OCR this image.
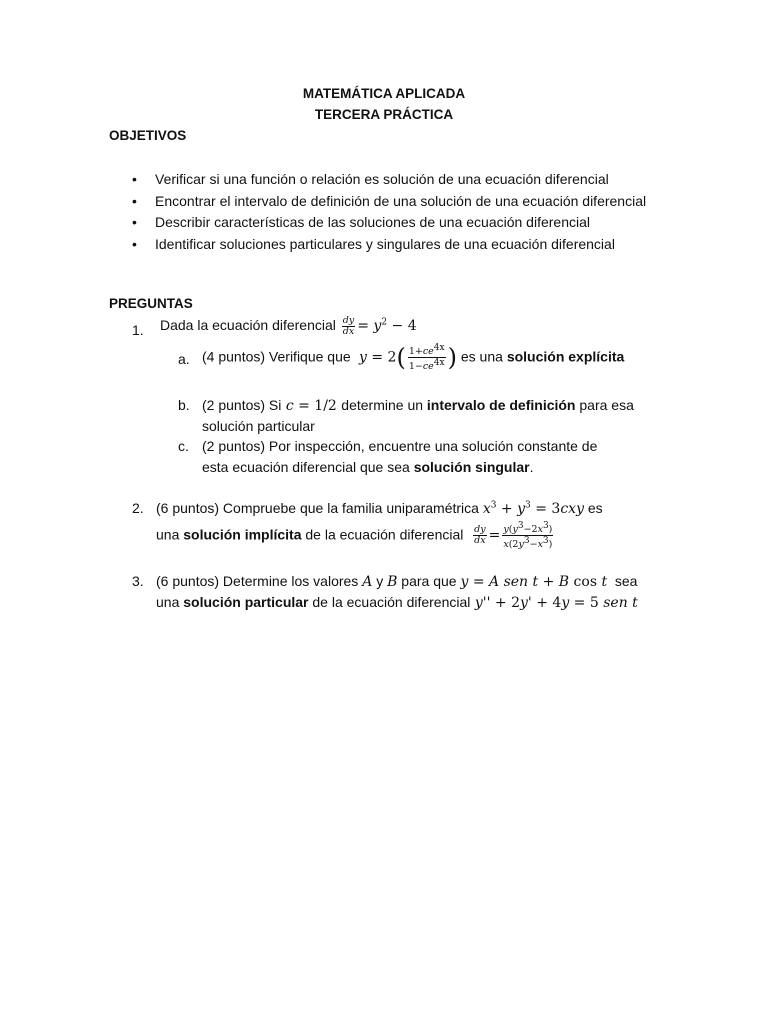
MATEMÁTICA APLICADA
TERCERA PRÁCTICA
OBJETIVOS
• Verificar si una función o relación es solución de una ecuación diferencial
• Encontrar el intervalo de definición de una solución de una ecuación diferencial
• Describir características de las soluciones de una ecuación diferencial
• Identificar soluciones particulares y singulares de una ecuación diferencial
PREGUNTAS
1. Dada la ecuación diferencial $\frac{dy}{dx} = y^2 - 4$
a. (4 puntos) Verifique que  $y = 2( \frac{1+ce^{4x}}{1-ce^{4x}}$ ) es una solución explícita
b. (2 puntos) Si c = 1/2 determine un intervalo de definición para esa
solución particular
c. (2 puntos) Por inspección, encuentre una solución constante de
esta ecuación diferencial que sea solución singular.
2. (6 puntos) Compruebe que la familia uniparamétrica $x^3 + y^3 = 3cxy$ es
una solución implícita de la ecuación diferencial $\frac{dy}{dx} = \frac{y(y^3-2x^3)}{x(2y^3-x^3)}$
3. (6 puntos) Determine los valores A y B para que y = A sen t + B cos t sea
una solución particular de la ecuación diferencial y'' + 2y' + 4y = 5 sen t
